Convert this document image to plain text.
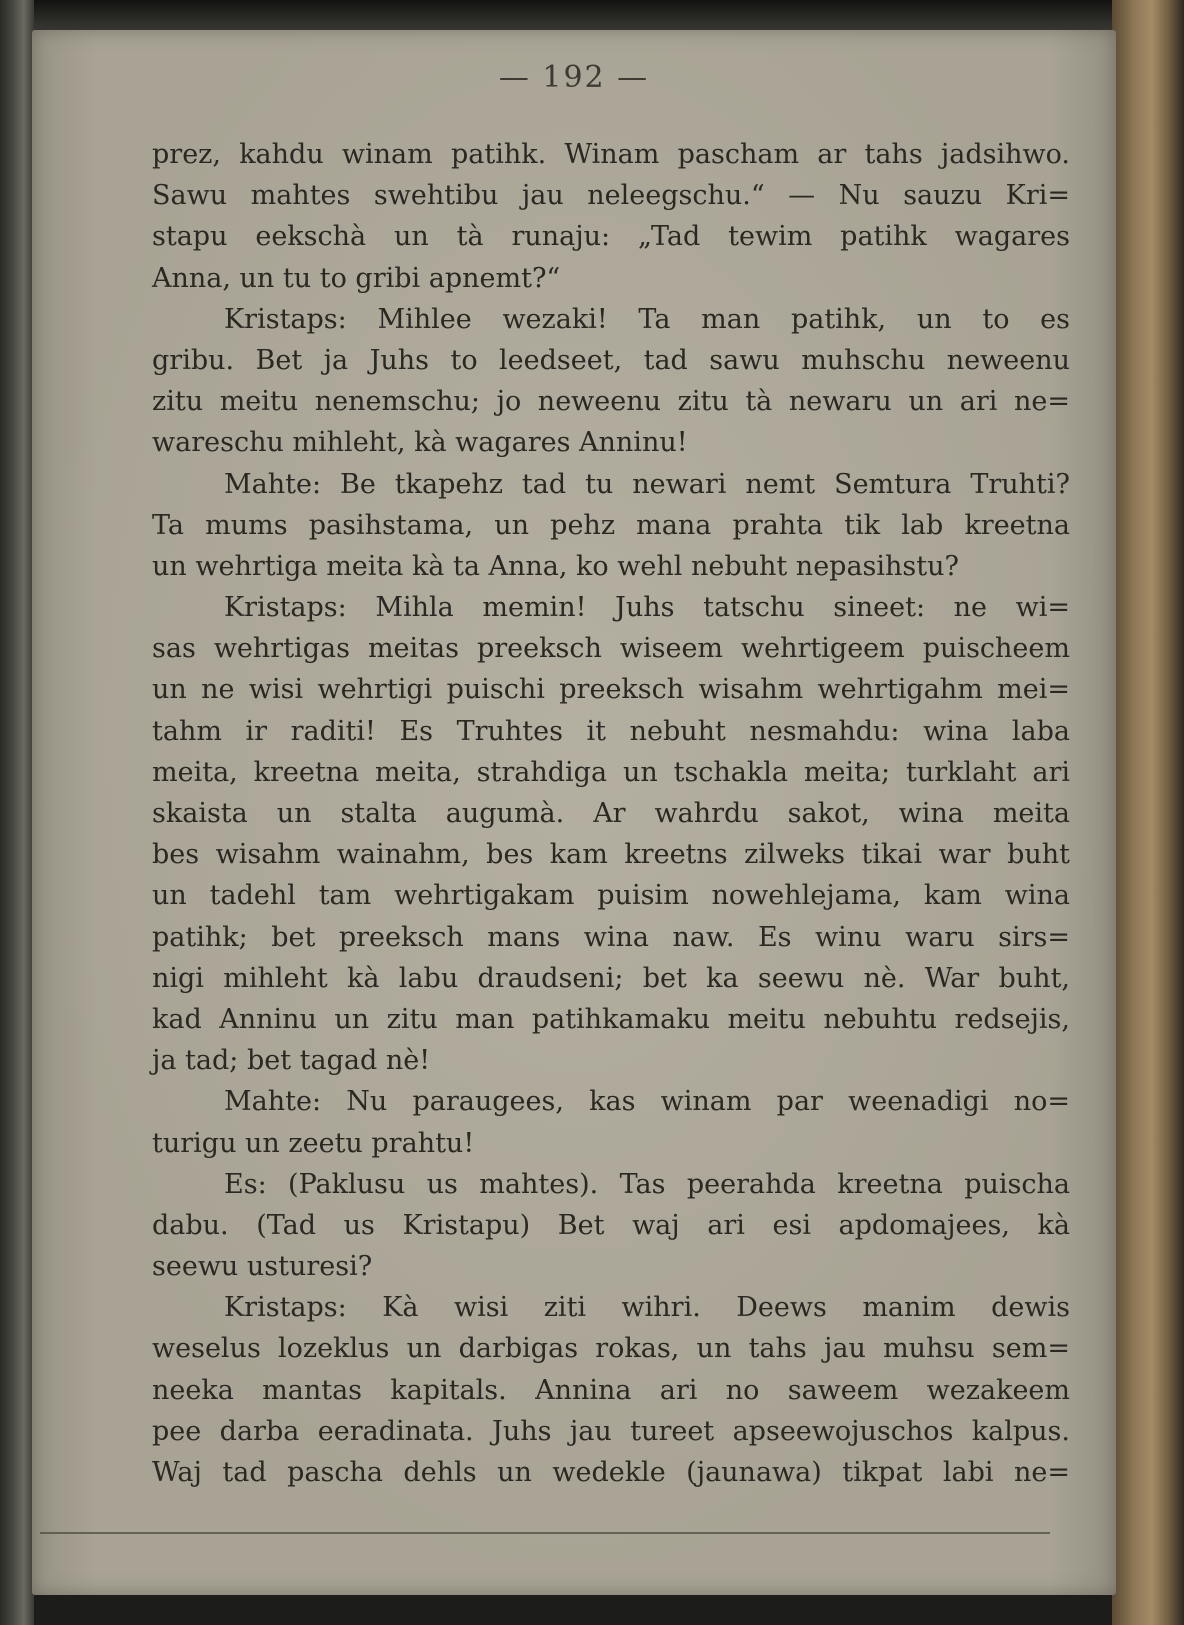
— 192 —
prez, kahdu winam patihk. Winam pascham ar tahs jadsihwo.
Sawu mahtes swehtibu jau neleegschu.“ — Nu sauzu Kri=
stapu eekschà un tà runaju: „Tad tewim patihk wagares
Anna, un tu to gribi apnemt?“
Kristaps: Mihlee wezaki! Ta man patihk, un to es
gribu. Bet ja Juhs to leedseet, tad sawu muhschu neweenu
zitu meitu nenemschu; jo neweenu zitu tà newaru un ari ne=
wareschu mihleht, kà wagares Anninu!
Mahte: Be tkapehz tad tu newari nemt Semtura Truhti?
Ta mums pasihstama, un pehz mana prahta tik lab kreetna
un wehrtiga meita kà ta Anna, ko wehl nebuht nepasihstu?
Kristaps: Mihla memin! Juhs tatschu sineet: ne wi=
sas wehrtigas meitas preeksch wiseem wehrtigeem puischeem
un ne wisi wehrtigi puischi preeksch wisahm wehrtigahm mei=
tahm ir raditi! Es Truhtes it nebuht nesmahdu: wina laba
meita, kreetna meita, strahdiga un tschakla meita; turklaht ari
skaista un stalta augumà. Ar wahrdu sakot, wina meita
bes wisahm wainahm, bes kam kreetns zilweks tikai war buht
un tadehl tam wehrtigakam puisim nowehlejama, kam wina
patihk; bet preeksch mans wina naw. Es winu waru sirs=
nigi mihleht kà labu draudseni; bet ka seewu nè. War buht,
kad Anninu un zitu man patihkamaku meitu nebuhtu redsejis,
ja tad; bet tagad nè!
Mahte: Nu paraugees, kas winam par weenadigi no=
turigu un zeetu prahtu!
Es: (Paklusu us mahtes). Tas peerahda kreetna puischa
dabu. (Tad us Kristapu) Bet waj ari esi apdomajees, kà
seewu usturesi?
Kristaps: Kà wisi ziti wihri. Deews manim dewis
weselus lozeklus un darbigas rokas, un tahs jau muhsu sem=
neeka mantas kapitals. Annina ari no saweem wezakeem
pee darba eeradinata. Juhs jau tureet apseewojuschos kalpus.
Waj tad pascha dehls un wedekle (jaunawa) tikpat labi ne=
